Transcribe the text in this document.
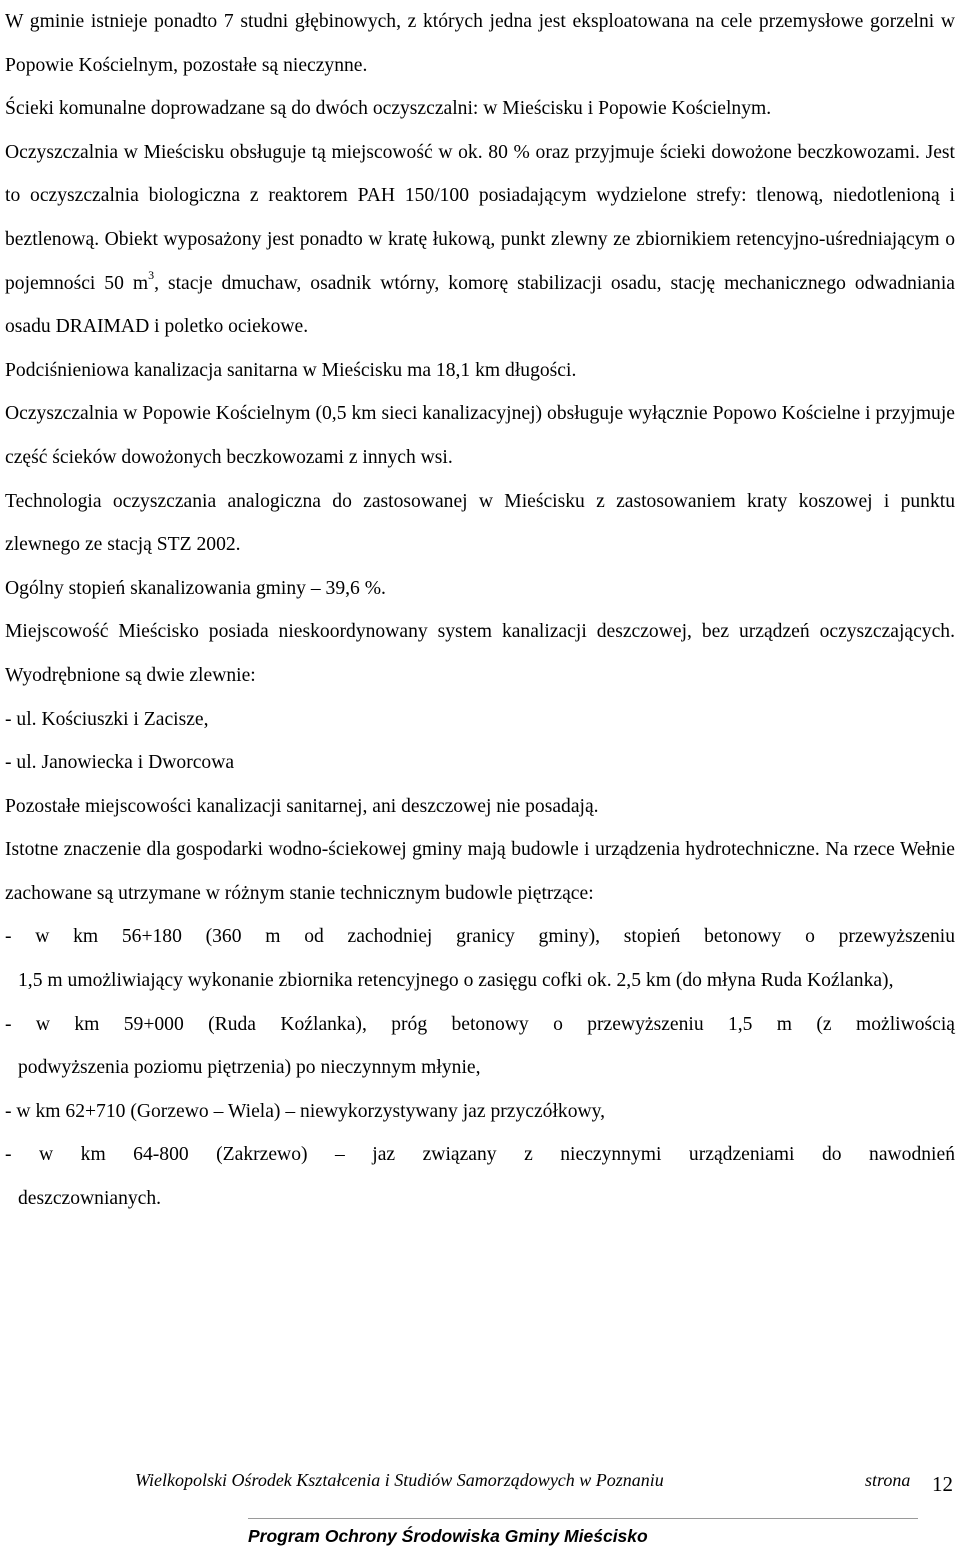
W gminie istnieje ponadto 7 studni głębinowych, z których jedna jest eksploatowana na cele przemysłowe gorzelni w Popowie Kościelnym, pozostałe są nieczynne.

Ścieki komunalne doprowadzane są do dwóch oczyszczalni: w Mieścisku i Popowie Kościelnym.

Oczyszczalnia w Mieścisku obsługuje tą miejscowość w ok. 80 % oraz przyjmuje ścieki dowożone beczkowozami. Jest to oczyszczalnia biologiczna z reaktorem PAH 150/100 posiadającym wydzielone strefy: tlenową, niedotlenioną i beztlenową. Obiekt wyposażony jest ponadto w kratę łukową, punkt zlewny ze zbiornikiem retencyjno-uśredniającym o pojemności 50 $m^3$, stacje dmuchaw, osadnik wtórny, komorę stabilizacji osadu, stację mechanicznego odwadniania osadu DRAIMAD i poletko ociekowe.

Podciśnieniowa kanalizacja sanitarna w Mieścisku ma 18,1 km długości.

Oczyszczalnia w Popowie Kościelnym (0,5 km sieci kanalizacyjnej) obsługuje wyłącznie Popowo Kościelne i przyjmuje część ścieków dowożonych beczkowozami z innych wsi.

Technologia oczyszczania analogiczna do zastosowanej w Mieścisku z zastosowaniem kraty koszowej i punktu zlewnego ze stacją STZ 2002.

Ogólny stopień skanalizowania gminy – 39,6 %.

Miejscowość Mieścisko posiada nieskoordynowany system kanalizacji deszczowej, bez urządzeń oczyszczających. Wyodrębnione są dwie zlewnie:

- ul. Kościuszki i Zacisze,

- ul. Janowiecka i Dworcowa

Pozostałe miejscowości kanalizacji sanitarnej, ani deszczowej nie posadają.

Istotne znaczenie dla gospodarki wodno-ściekowej gminy mają budowle i urządzenia hydrotechniczne. Na rzece Wełnie zachowane są utrzymane w różnym stanie technicznym budowle piętrzące:

- w km 56+180 (360 m od zachodniej granicy gminy), stopień betonowy o przewyższeniu

1,5 m umożliwiający wykonanie zbiornika retencyjnego o zasięgu cofki ok. 2,5 km (do młyna Ruda Koźlanka),

- w km 59+000 (Ruda Koźlanka), próg betonowy o przewyższeniu 1,5 m (z możliwością

podwyższenia poziomu piętrzenia) po nieczynnym młynie,

- w km 62+710 (Gorzewo – Wiela) – niewykorzystywany jaz przyczółkowy,

- w km 64-800 (Zakrzewo) – jaz związany z nieczynnymi urządzeniami do nawodnień

deszczownianych.

Wielkopolski Ośrodek Kształcenia i Studiów Samorządowych w Poznaniu	strona 12
Program Ochrony Środowiska Gminy Mieścisko
